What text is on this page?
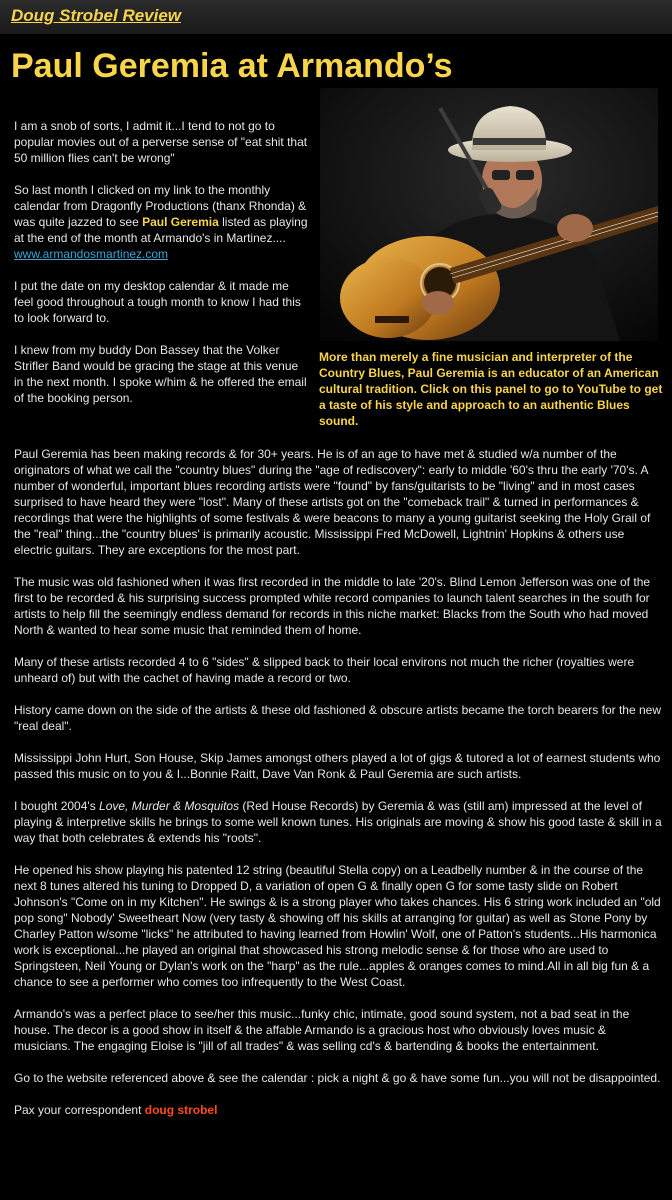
Doug Strobel Review
Paul Geremia at Armando’s
More than merely a fine musician and interpreter of the Country Blues, Paul Geremia is an educator of an American cultural tradition. Click on this panel to go to YouTube to get a taste of his style and approach to an authentic Blues sound.

I am a snob of sorts, I admit it...I tend to not go to popular movies out of a perverse sense of "eat shit that 50 million flies can't be wrong"

So last month I clicked on my link to the monthly calendar from Dragonfly Productions (thanx Rhonda) & was quite jazzed to see Paul Geremia listed as playing at the end of the month at Armando's in Martinez....
www.armandosmartinez.com

I put the date on my desktop calendar & it made me feel good throughout a tough month to know I had this to look forward to.

I knew from my buddy Don Bassey that the Volker Strifler Band would be gracing the stage at this venue in the next month. I spoke w/him & he offered the email of the booking person.

Paul Geremia has been making records & for 30+ years. He is of an age to have met & studied w/a number of the originators of what we call the "country blues" during the "age of rediscovery": early to middle '60's thru the early '70's. A number of wonderful, important blues recording artists were "found" by fans/guitarists to be "living" and in most cases surprised to have heard they were "lost". Many of these artists got on the "comeback trail" & turned in performances & recordings that were the highlights of some festivals & were beacons to many a young guitarist seeking the Holy Grail of the "real" thing...the "country blues' is primarily acoustic. Mississippi Fred McDowell, Lightnin' Hopkins & others use electric guitars. They are exceptions for the most part.

The music was old fashioned when it was first recorded in the middle to late '20's. Blind Lemon Jefferson was one of the first to be recorded & his surprising success prompted white record companies to launch talent searches in the south for artists to help fill the seemingly endless demand for records in this niche market: Blacks from the South who had moved North & wanted to hear some music that reminded them of home.

Many of these artists recorded 4 to 6 "sides" & slipped back to their local environs not much the richer (royalties were unheard of) but with the cachet of having made a record or two.

History came down on the side of the artists & these old fashioned & obscure artists became the torch bearers for the new "real deal".

Mississippi John Hurt, Son House, Skip James amongst others played a lot of gigs & tutored a lot of earnest students who passed this music on to you & I...Bonnie Raitt, Dave Van Ronk & Paul Geremia are such artists.

I bought 2004's Love, Murder & Mosquitos (Red House Records) by Geremia & was (still am) impressed at the level of playing & interpretive skills he brings to some well known tunes. His originals are moving & show his good taste & skill in a way that both celebrates & extends his "roots".

He opened his show playing his patented 12 string (beautiful Stella copy) on a Leadbelly number & in the course of the next 8 tunes altered his tuning to Dropped D, a variation of open G & finally open G for some tasty slide on Robert Johnson's "Come on in my Kitchen". He swings & is a strong player who takes chances. His 6 string work included an "old pop song" Nobody' Sweetheart Now (very tasty & showing off his skills at arranging for guitar) as well as Stone Pony by Charley Patton w/some "licks" he attributed to having learned from Howlin' Wolf, one of Patton's students...His harmonica work is exceptional...he played an original that showcased his strong melodic sense & for those who are used to Springsteen, Neil Young or Dylan's work on the "harp" as the rule...apples & oranges comes to mind.All in all big fun & a chance to see a performer who comes too infrequently to the West Coast.

Armando's was a perfect place to see/her this music...funky chic, intimate, good sound system, not a bad seat in the house. The decor is a good show in itself & the affable Armando is a gracious host who obviously loves music & musicians. The engaging Eloise is "jill of all trades" & was selling cd's & bartending & books the entertainment.

Go to the website referenced above & see the calendar : pick a night & go & have some fun...you will not be disappointed.

Pax your correspondent doug strobel
